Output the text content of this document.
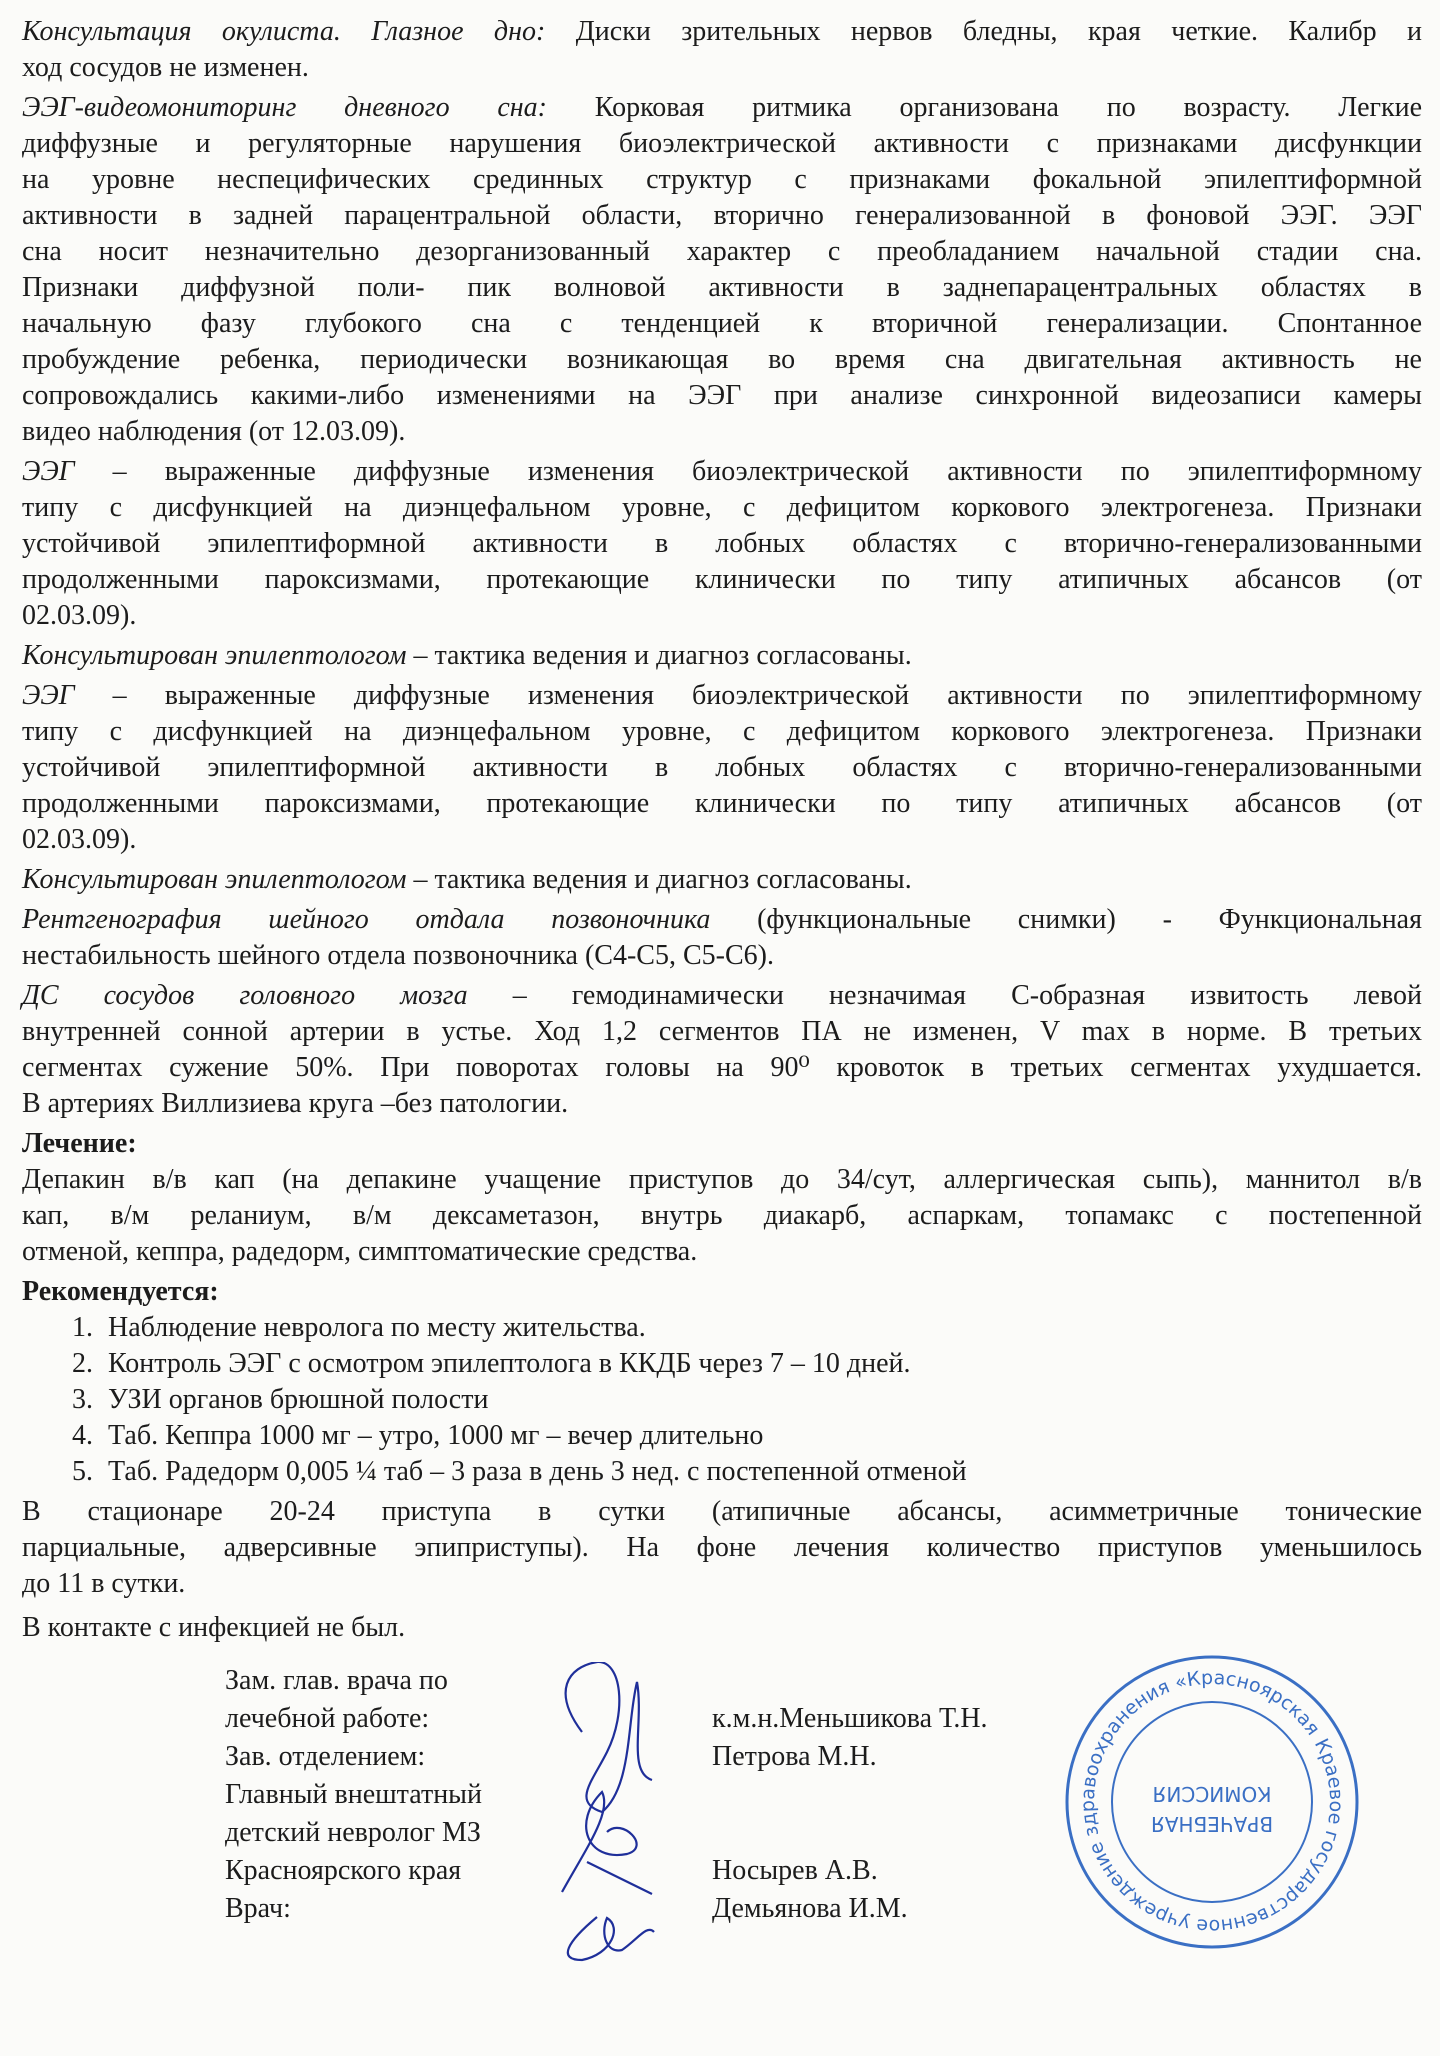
Консультация окулиста. Глазное дно: Диски зрительных нервов бледны, края четкие. Калибр и
ход сосудов не изменен.
ЭЭГ-видеомониторинг дневного сна: Корковая ритмика организована по возрасту. Легкие
диффузные и регуляторные нарушения биоэлектрической активности с признаками дисфункции
на уровне неспецифических срединных структур с признаками фокальной эпилептиформной
активности в задней парацентральной области, вторично генерализованной в фоновой ЭЭГ. ЭЭГ
сна носит незначительно дезорганизованный характер с преобладанием начальной стадии сна.
Признаки диффузной поли- пик волновой активности в заднепарацентральных областях в
начальную фазу глубокого сна с тенденцией к вторичной генерализации. Спонтанное
пробуждение ребенка, периодически возникающая во время сна двигательная активность не
сопровождались какими-либо изменениями на ЭЭГ при анализе синхронной видеозаписи камеры
видео наблюдения (от 12.03.09).
ЭЭГ – выраженные диффузные изменения биоэлектрической активности по эпилептиформному
типу с дисфункцией на диэнцефальном уровне, с дефицитом коркового электрогенеза. Признаки
устойчивой эпилептиформной активности в лобных областях с вторично-генерализованными
продолженными пароксизмами, протекающие клинически по типу атипичных абсансов (от
02.03.09).
Консультирован эпилептологом – тактика ведения и диагноз согласованы.
ЭЭГ – выраженные диффузные изменения биоэлектрической активности по эпилептиформному
типу с дисфункцией на диэнцефальном уровне, с дефицитом коркового электрогенеза. Признаки
устойчивой эпилептиформной активности в лобных областях с вторично-генерализованными
продолженными пароксизмами, протекающие клинически по типу атипичных абсансов (от
02.03.09).
Консультирован эпилептологом – тактика ведения и диагноз согласованы.
Рентгенография шейного отдала позвоночника (функциональные снимки) - Функциональная
нестабильность шейного отдела позвоночника (С4-С5, С5-С6).
ДС сосудов головного мозга – гемодинамически незначимая С-образная извитость левой
внутренней сонной артерии в устье. Ход 1,2 сегментов ПА не изменен, V max в норме. В третьих
сегментах сужение 50%. При поворотах головы на 90⁰ кровоток в третьих сегментах ухудшается.
В артериях Виллизиева круга –без патологии.
Лечение:
Депакин в/в кап (на депакине учащение приступов до 34/сут, аллергическая сыпь), маннитол в/в
кап, в/м реланиум, в/м дексаметазон, внутрь диакарб, аспаркам, топамакс с постепенной
отменой, кеппра, радедорм, симптоматические средства.
Рекомендуется:
1. Наблюдение невролога по месту жительства.
2. Контроль ЭЭГ с осмотром эпилептолога в ККДБ через 7 – 10 дней.
3. УЗИ органов брюшной полости
4. Таб. Кеппра 1000 мг – утро, 1000 мг – вечер длительно
5. Таб. Радедорм 0,005 ¼ таб – 3 раза в день 3 нед. с постепенной отменой
В стационаре 20-24 приступа в сутки (атипичные абсансы, асимметричные тонические
парциальные, адверсивные эпиприступы). На фоне лечения количество приступов уменьшилось
до 11 в сутки.
В контакте с инфекцией не был.
Зам. глав. врача по
лечебной работе:	к.м.н.Меньшикова Т.Н.
Зав. отделением:	Петрова М.Н.
Главный внештатный
детский невролог МЗ
Красноярского края	Носырев А.В.
Врач:	Демьянова И.М.
Краевое государственное учреждение здравоохранения «Красноярская
ВРАЧЕБНАЯ
КОМИССИЯ
